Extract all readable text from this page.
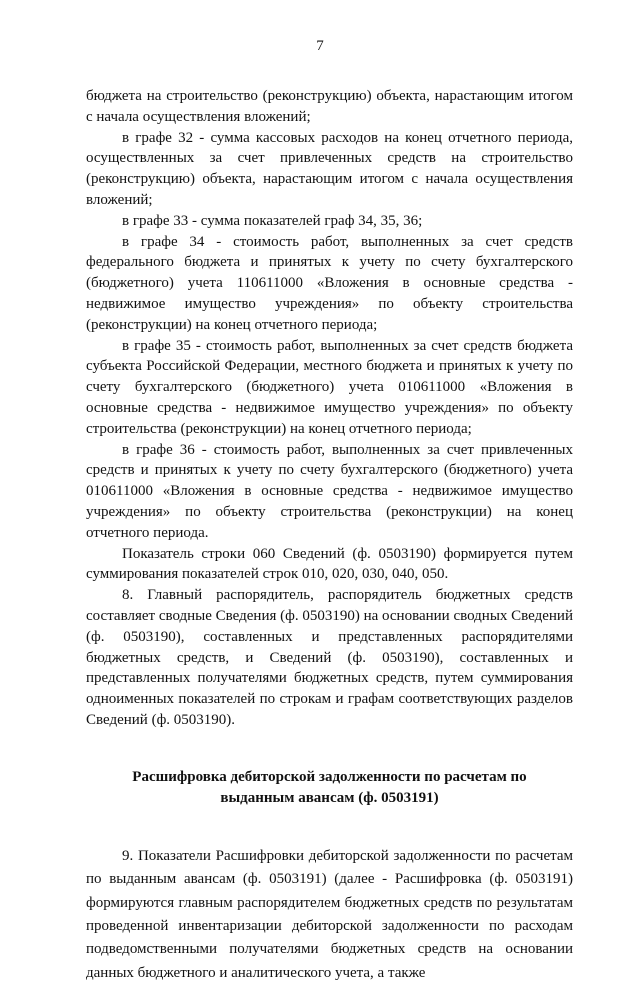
7

бюджета на строительство (реконструкцию) объекта, нарастающим итогом с начала осуществления вложений;

в графе 32 - сумма кассовых расходов на конец отчетного периода, осуществленных за счет привлеченных средств на строительство (реконструкцию) объекта, нарастающим итогом с начала осуществления вложений;

в графе 33 - сумма показателей граф 34, 35, 36;

в графе 34 - стоимость работ, выполненных за счет средств федерального бюджета и принятых к учету по счету бухгалтерского (бюджетного) учета 110611000 «Вложения в основные средства - недвижимое имущество учреждения» по объекту строительства (реконструкции) на конец отчетного периода;

в графе 35 - стоимость работ, выполненных за счет средств бюджета субъекта Российской Федерации, местного бюджета и принятых к учету по счету бухгалтерского (бюджетного) учета 010611000 «Вложения в основные средства - недвижимое имущество учреждения» по объекту строительства (реконструкции) на конец отчетного периода;

в графе 36 - стоимость работ, выполненных за счет привлеченных средств и принятых к учету по счету бухгалтерского (бюджетного) учета 010611000 «Вложения в основные средства - недвижимое имущество учреждения» по объекту строительства (реконструкции) на конец отчетного периода.

Показатель строки 060 Сведений (ф. 0503190) формируется путем суммирования показателей строк 010, 020, 030, 040, 050.

8. Главный распорядитель, распорядитель бюджетных средств составляет сводные Сведения (ф. 0503190) на основании сводных Сведений (ф. 0503190), составленных и представленных распорядителями бюджетных средств, и Сведений (ф. 0503190), составленных и представленных получателями бюджетных средств, путем суммирования одноименных показателей по строкам и графам соответствующих разделов Сведений (ф. 0503190).

Расшифровка дебиторской задолженности по расчетам по

выданным авансам (ф. 0503191)

9. Показатели Расшифровки дебиторской задолженности по расчетам по выданным авансам (ф. 0503191) (далее - Расшифровка (ф. 0503191) формируются главным распорядителем бюджетных средств по результатам проведенной инвентаризации дебиторской задолженности по расходам подведомственными получателями бюджетных средств на основании данных бюджетного и аналитического учета, а также
